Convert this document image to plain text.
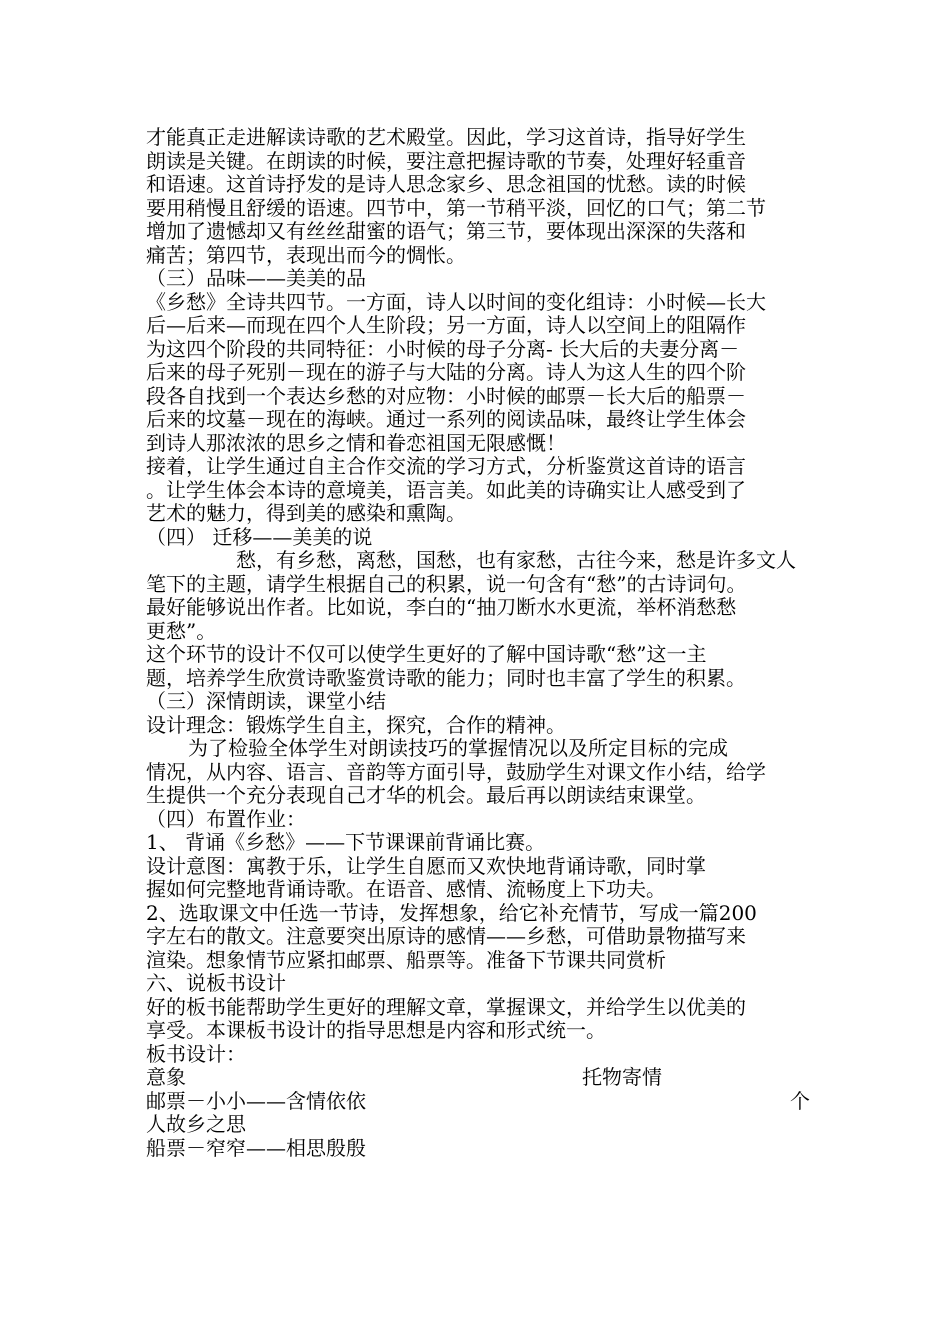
才能真正走进解读诗歌的艺术殿堂。因此，学习这首诗，指导好学生
朗读是关键。在朗读的时候，要注意把握诗歌的节奏，处理好轻重音
和语速。这首诗抒发的是诗人思念家乡、思念祖国的忧愁。读的时候
要用稍慢且舒缓的语速。四节中，第一节稍平淡，回忆的口气；第二节
增加了遗憾却又有丝丝甜蜜的语气；第三节，要体现出深深的失落和
痛苦；第四节，表现出而今的惆怅。
（三）品味——美美的品
《乡愁》全诗共四节。一方面，诗人以时间的变化组诗：小时候—长大
后—后来—而现在四个人生阶段；另一方面，诗人以空间上的阻隔作
为这四个阶段的共同特征：小时候的母子分离- 长大后的夫妻分离－
后来的母子死别－现在的游子与大陆的分离。诗人为这人生的四个阶
段各自找到一个表达乡愁的对应物：小时候的邮票－长大后的船票－
后来的坟墓－现在的海峡。通过一系列的阅读品味，最终让学生体会
到诗人那浓浓的思乡之情和眷恋祖国无限感慨！
接着，让学生通过自主合作交流的学习方式，分析鉴赏这首诗的语言
。让学生体会本诗的意境美，语言美。如此美的诗确实让人感受到了
艺术的魅力，得到美的感染和熏陶。
（四） 迁移——美美的说
愁，有乡愁，离愁，国愁，也有家愁，古往今来，愁是许多文人
笔下的主题，请学生根据自己的积累，说一句含有“愁”的古诗词句。
最好能够说出作者。比如说，李白的“抽刀断水水更流，举杯消愁愁
更愁”。
这个环节的设计不仅可以使学生更好的了解中国诗歌“愁”这一主
题，培养学生欣赏诗歌鉴赏诗歌的能力；同时也丰富了学生的积累。
（三）深情朗读，课堂小结
设计理念：锻炼学生自主，探究，合作的精神。
为了检验全体学生对朗读技巧的掌握情况以及所定目标的完成
情况，从内容、语言、音韵等方面引导，鼓励学生对课文作小结，给学
生提供一个充分表现自己才华的机会。最后再以朗读结束课堂。
（四）布置作业：
1、 背诵《乡愁》——下节课课前背诵比赛。
设计意图：寓教于乐，让学生自愿而又欢快地背诵诗歌，同时掌
握如何完整地背诵诗歌。在语音、感情、流畅度上下功夫。
2、选取课文中任选一节诗，发挥想象，给它补充情节，写成一篇200
字左右的散文。注意要突出原诗的感情——乡愁，可借助景物描写来
渲染。想象情节应紧扣邮票、船票等。准备下节课共同赏析
六、说板书设计
好的板书能帮助学生更好的理解文章，掌握课文，并给学生以优美的
享受。本课板书设计的指导思想是内容和形式统一。
板书设计：
意象	托物寄情
邮票－小小——含情依依	个
人故乡之思
船票－窄窄——相思殷殷
